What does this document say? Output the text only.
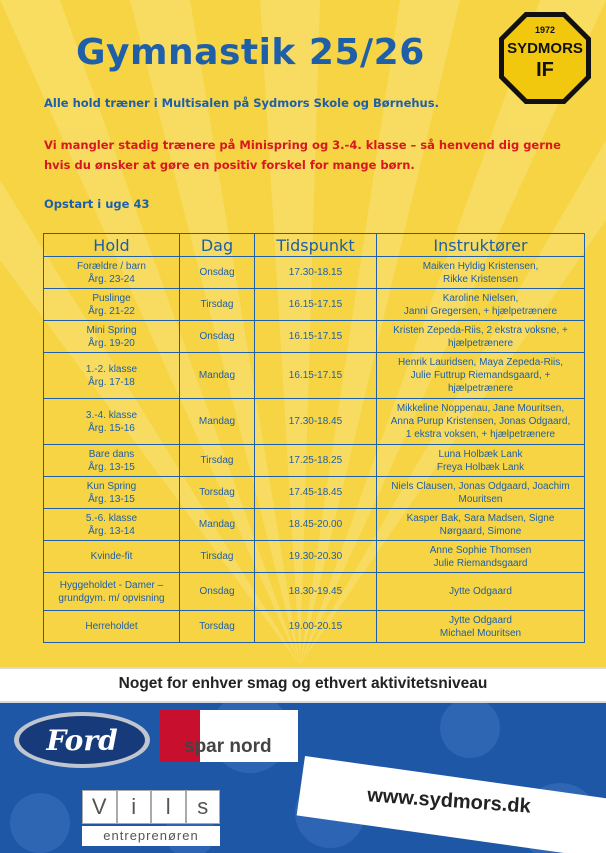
Gymnastik 25/26
1972
SYDMORS
IF
Alle hold træner i Multisalen på Sydmors Skole og Børnehus.
Vi mangler stadig trænere på Minispring og 3.-4. klasse – så henvend dig gerne hvis du ønsker at gøre en positiv forskel for mange børn.
Opstart i uge 43
Hold	Dag	Tidspunkt	Instruktører

Forældre / barn
Årg. 23-24	Onsdag	17.30-18.15	Maiken Hyldig Kristensen,
Rikke Kristensen

Puslinge
Årg. 21-22	Tirsdag	16.15-17.15	Karoline Nielsen,
Janni Gregersen, + hjælpetrænere

Mini Spring
Årg. 19-20	Onsdag	16.15-17.15	Kristen Zepeda-Riis, 2 ekstra voksne, +
hjælpetrænere

1.-2. klasse
Årg. 17-18	Mandag	16.15-17.15	Henrik Lauridsen, Maya Zepeda-Riis,
Julie Futtrup Riemandsgaard, +
hjælpetrænere

3.-4. klasse
Årg. 15-16	Mandag	17.30-18.45	Mikkeline Noppenau, Jane Mouritsen,
Anna Purup Kristensen, Jonas Odgaard,
1 ekstra voksen, + hjælpetrænere

Bare dans
Årg. 13-15	Tirsdag	17.25-18.25	Luna Holbæk Lank
Freya Holbæk Lank

Kun Spring
Årg. 13-15	Torsdag	17.45-18.45	Niels Clausen, Jonas Odgaard, Joachim
Mouritsen

5.-6. klasse
Årg. 13-14	Mandag	18.45-20.00	Kasper Bak, Sara Madsen, Signe
Nørgaard, Simone

Kvinde-fit	Tirsdag	19.30-20.30	Anne Sophie Thomsen
Julie Riemandsgaard

Hyggeholdet - Damer –
grundgym. m/ opvisning	Onsdag	18.30-19.45	Jytte Odgaard

Herreholdet	Torsdag	19.00-20.15	Jytte Odgaard
Michael Mouritsen
Noget for enhver smag og ethvert aktivitetsniveau
Ford	spar nord
V	i	l	s
entreprenøren
www.sydmors.dk
